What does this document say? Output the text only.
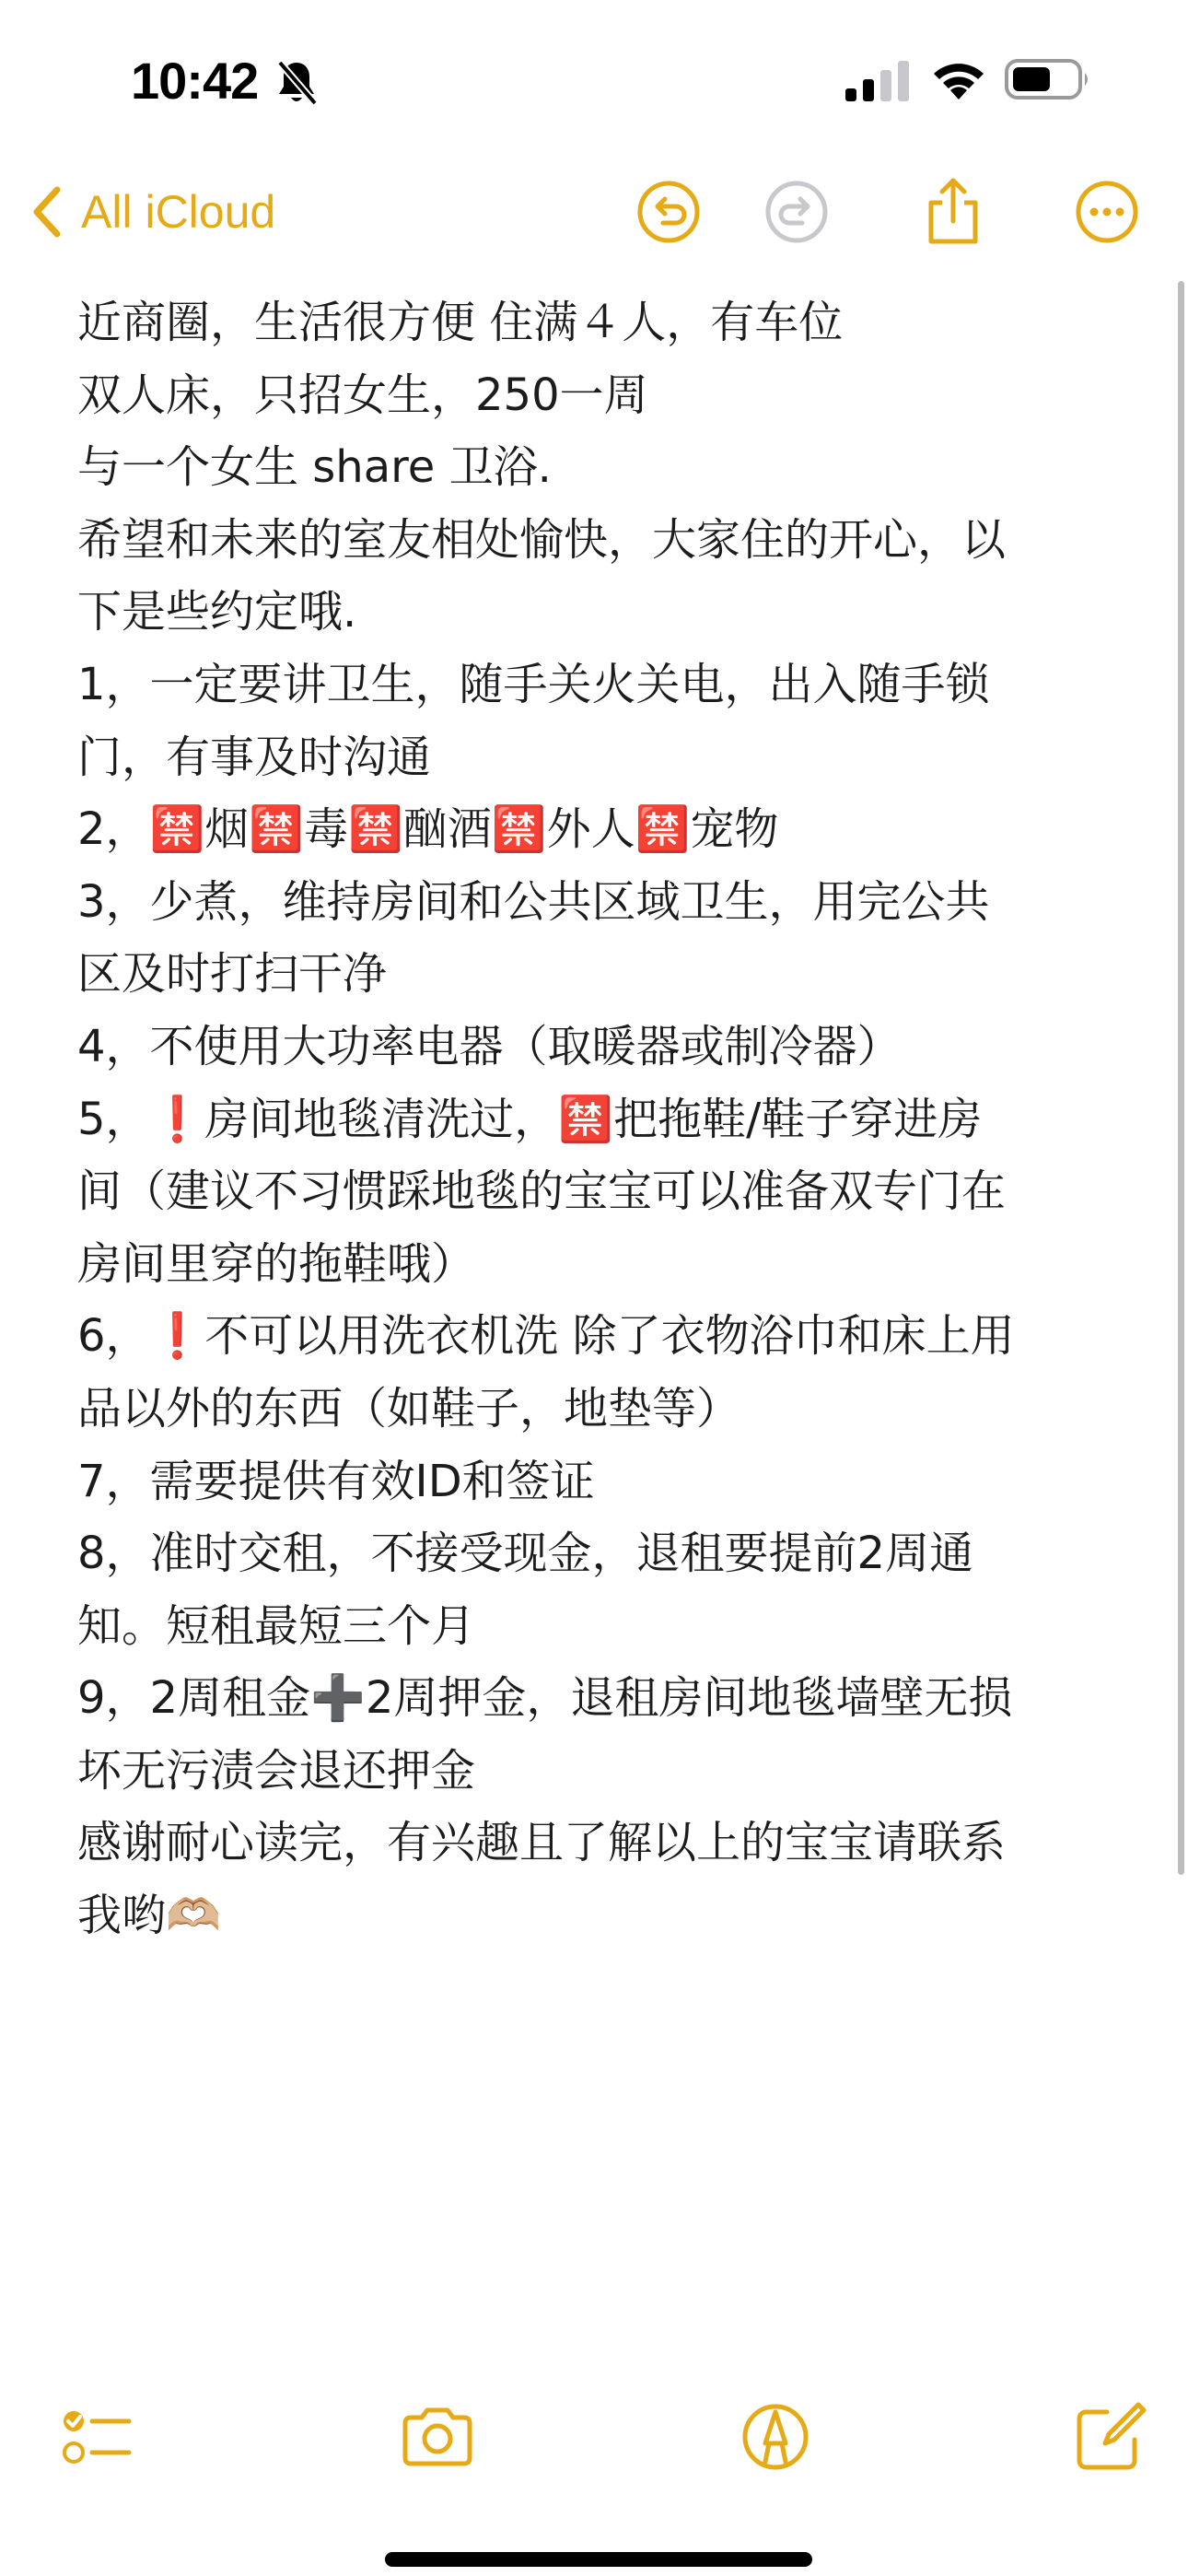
10:42
All iCloud
近商圈，生活很方便 住满４人，有车位
双人床，只招女生，250一周
与一个女生 share 卫浴.
希望和未来的室友相处愉快，大家住的开心，以
下是些约定哦.
1，一定要讲卫生，随手关火关电，出入随手锁
门，有事及时沟通
2，🈲烟🈲毒🈲酗酒🈲外人🈲宠物
3，少煮，维持房间和公共区域卫生，用完公共
区及时打扫干净
4，不使用大功率电器（取暖器或制冷器）
5，❗️房间地毯清洗过，🈲把拖鞋/鞋子穿进房
间（建议不习惯踩地毯的宝宝可以准备双专门在
房间里穿的拖鞋哦）
6，❗️不可以用洗衣机洗 除了衣物浴巾和床上用
品以外的东西（如鞋子，地垫等）
7，需要提供有效ID和签证
8，准时交租，不接受现金，退租要提前2周通
知。短租最短三个月
9，2周租金➕2周押金，退租房间地毯墙壁无损
坏无污渍会退还押金
感谢耐心读完，有兴趣且了解以上的宝宝请联系
我哟🫶🏼
